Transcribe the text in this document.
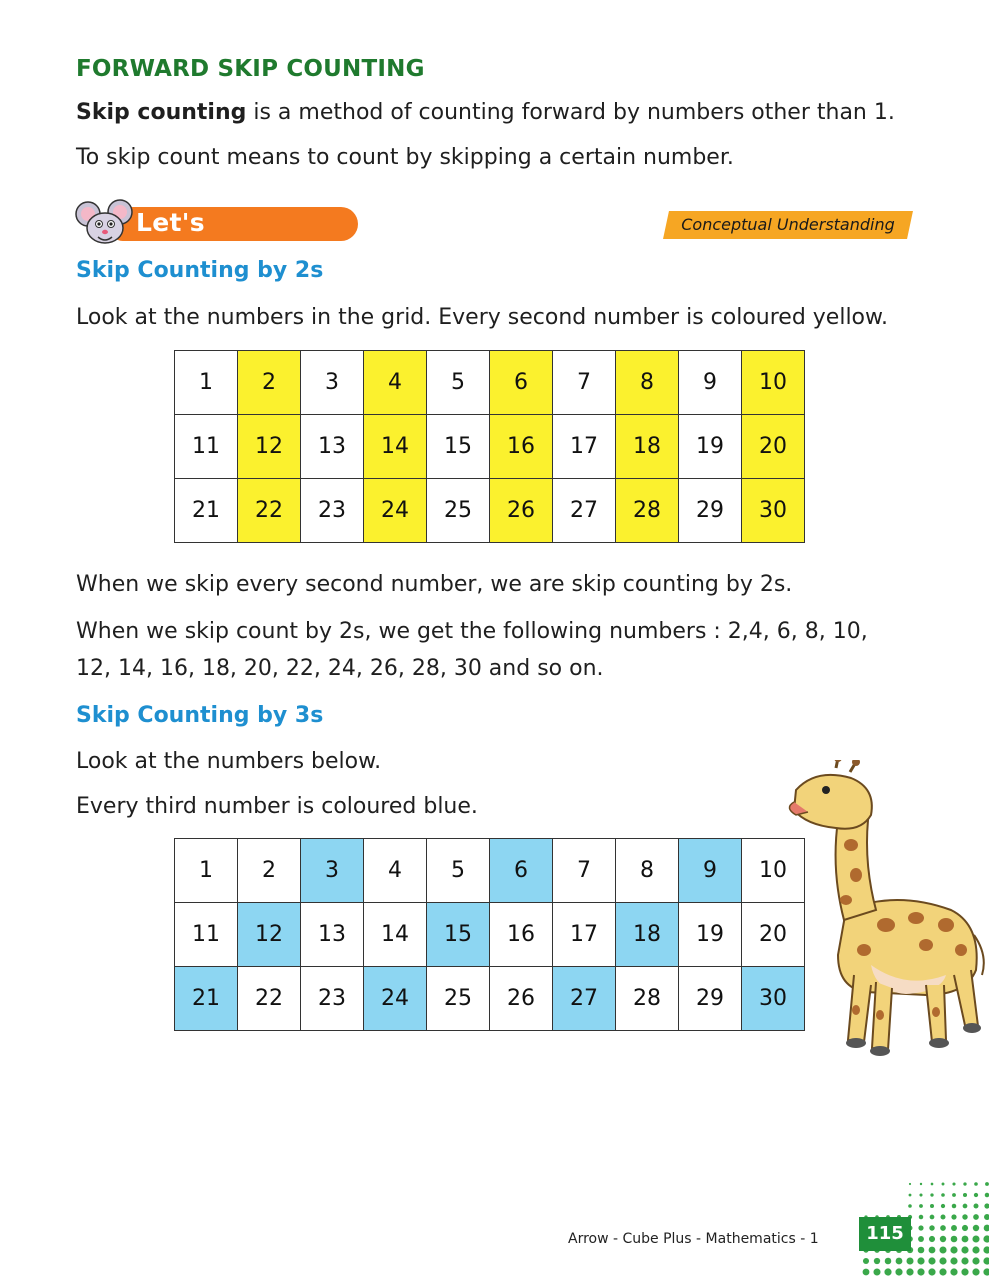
FORWARD SKIP COUNTING
Skip counting is a method of counting forward by numbers other than 1.
To skip count means to count by skipping a certain number.
Let's Understand
Conceptual Understanding
Skip Counting by 2s
Look at the numbers in the grid. Every second number is coloured yellow.
1	2	3	4	5	6	7	8	9	10
11	12	13	14	15	16	17	18	19	20
21	22	23	24	25	26	27	28	29	30
When we skip every second number, we are skip counting by 2s.
When we skip count by 2s, we get the following numbers : 2,4, 6, 8, 10,
12, 14, 16, 18, 20, 22, 24, 26, 28, 30 and so on.
Skip Counting by 3s
Look at the numbers below.
Every third number is coloured blue.
1	2	3	4	5	6	7	8	9	10
11	12	13	14	15	16	17	18	19	20
21	22	23	24	25	26	27	28	29	30
Arrow - Cube Plus - Mathematics - 1	115
